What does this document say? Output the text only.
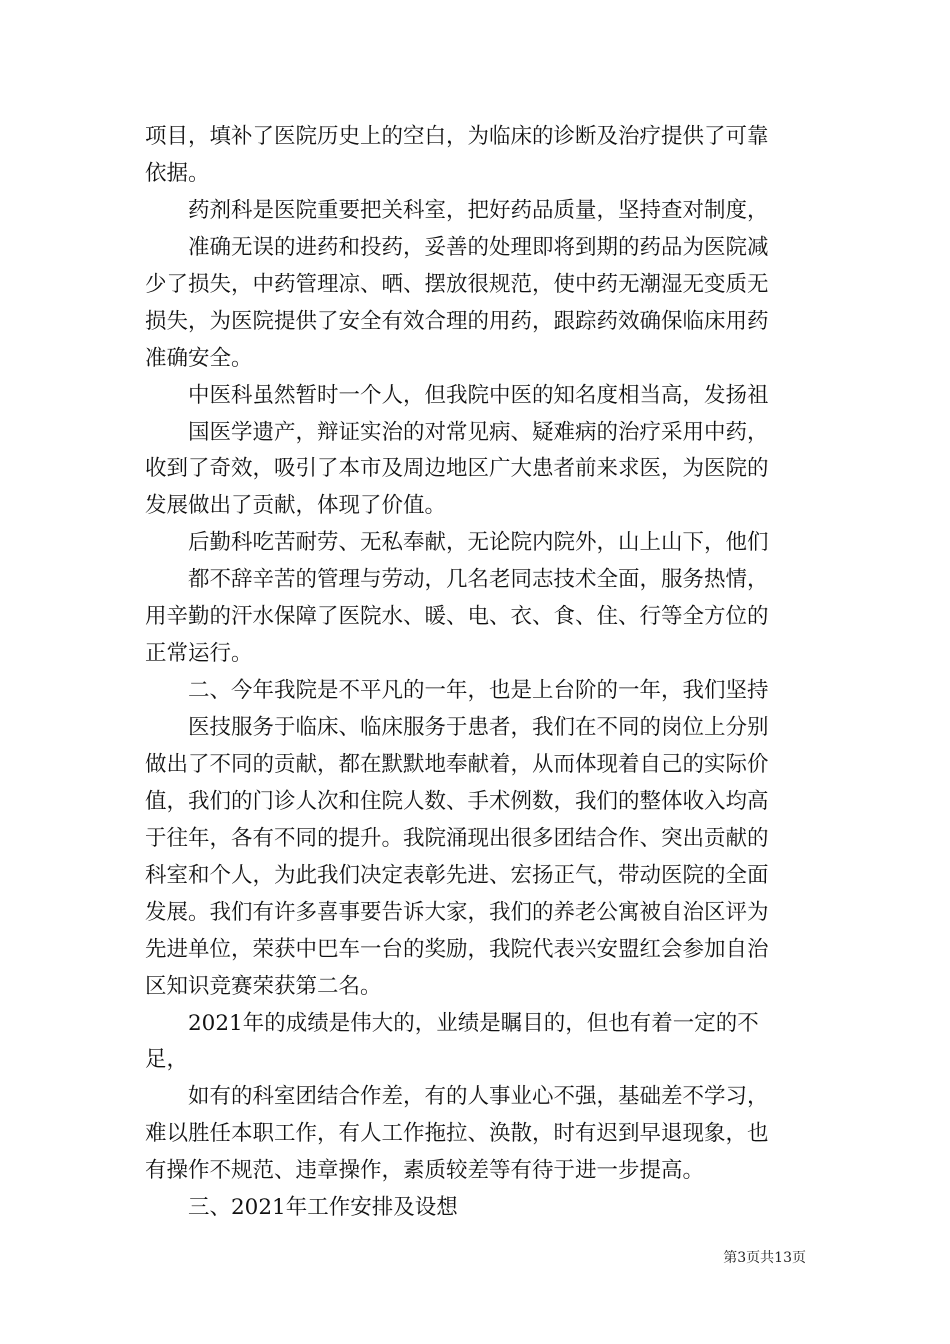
项目，填补了医院历史上的空白，为临床的诊断及治疗提供了可靠
依据。
药剂科是医院重要把关科室，把好药品质量，坚持查对制度，
准确无误的进药和投药，妥善的处理即将到期的药品为医院减
少了损失，中药管理凉、晒、摆放很规范，使中药无潮湿无变质无
损失，为医院提供了安全有效合理的用药，跟踪药效确保临床用药
准确安全。
中医科虽然暂时一个人，但我院中医的知名度相当高，发扬祖
国医学遗产，辩证实治的对常见病、疑难病的治疗采用中药，
收到了奇效，吸引了本市及周边地区广大患者前来求医，为医院的
发展做出了贡献，体现了价值。
后勤科吃苦耐劳、无私奉献，无论院内院外，山上山下，他们
都不辞辛苦的管理与劳动，几名老同志技术全面，服务热情，
用辛勤的汗水保障了医院水、暖、电、衣、食、住、行等全方位的
正常运行。
二、今年我院是不平凡的一年，也是上台阶的一年，我们坚持
医技服务于临床、临床服务于患者，我们在不同的岗位上分别
做出了不同的贡献，都在默默地奉献着，从而体现着自己的实际价
值，我们的门诊人次和住院人数、手术例数，我们的整体收入均高
于往年，各有不同的提升。我院涌现出很多团结合作、突出贡献的
科室和个人，为此我们决定表彰先进、宏扬正气，带动医院的全面
发展。我们有许多喜事要告诉大家，我们的养老公寓被自治区评为
先进单位，荣获中巴车一台的奖励，我院代表兴安盟红会参加自治
区知识竞赛荣获第二名。
2021年的成绩是伟大的，业绩是瞩目的，但也有着一定的不
足，
如有的科室团结合作差，有的人事业心不强，基础差不学习，
难以胜任本职工作，有人工作拖拉、涣散，时有迟到早退现象，也
有操作不规范、违章操作，素质较差等有待于进一步提高。
三、2021年工作安排及设想
第3页共13页
